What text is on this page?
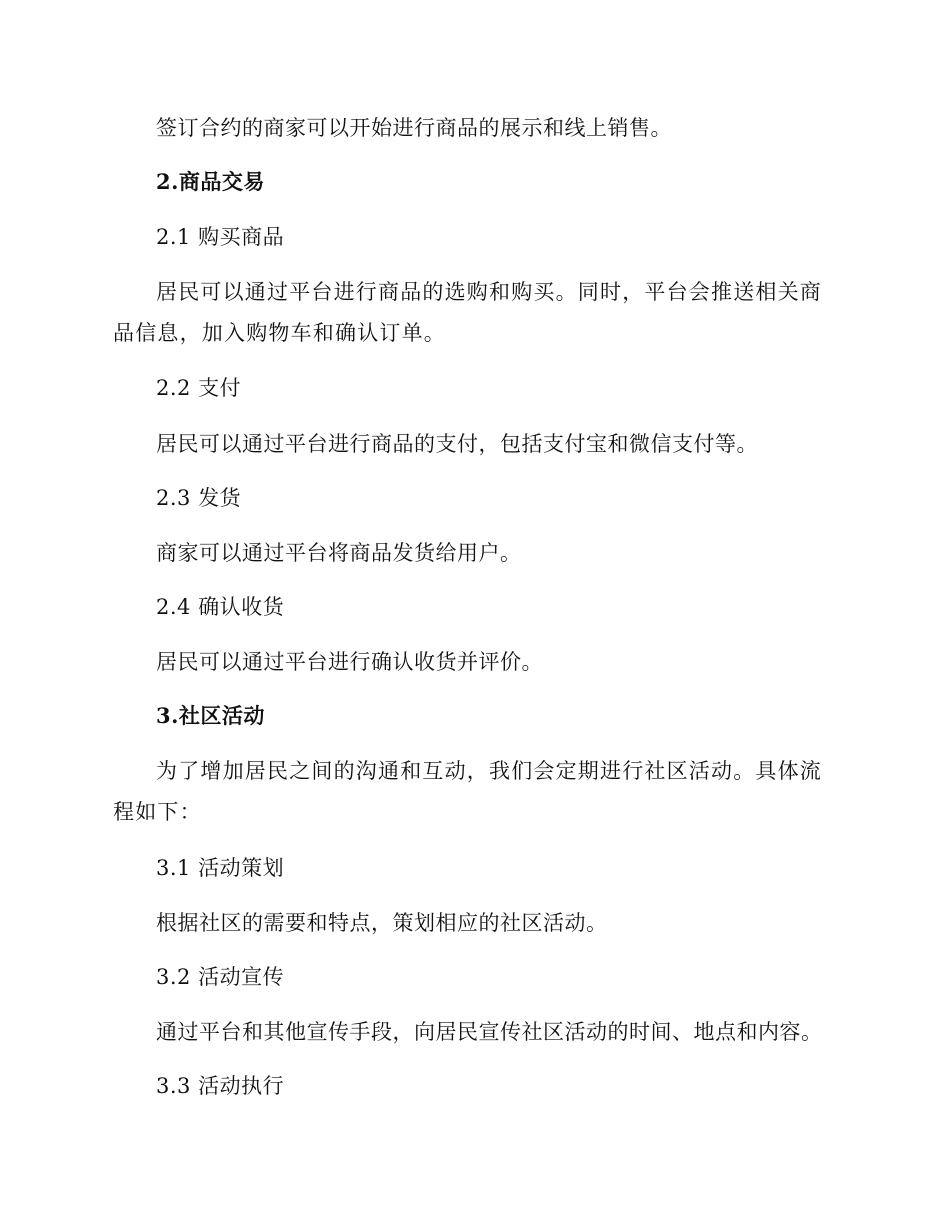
签订合约的商家可以开始进行商品的展示和线上销售。
2.商品交易
2.1 购买商品
居民可以通过平台进行商品的选购和购买。同时，平台会推送相关商品信息，加入购物车和确认订单。
2.2 支付
居民可以通过平台进行商品的支付，包括支付宝和微信支付等。
2.3 发货
商家可以通过平台将商品发货给用户。
2.4 确认收货
居民可以通过平台进行确认收货并评价。
3.社区活动
为了增加居民之间的沟通和互动，我们会定期进行社区活动。具体流程如下：
3.1 活动策划
根据社区的需要和特点，策划相应的社区活动。
3.2 活动宣传
通过平台和其他宣传手段，向居民宣传社区活动的时间、地点和内容。
3.3 活动执行
